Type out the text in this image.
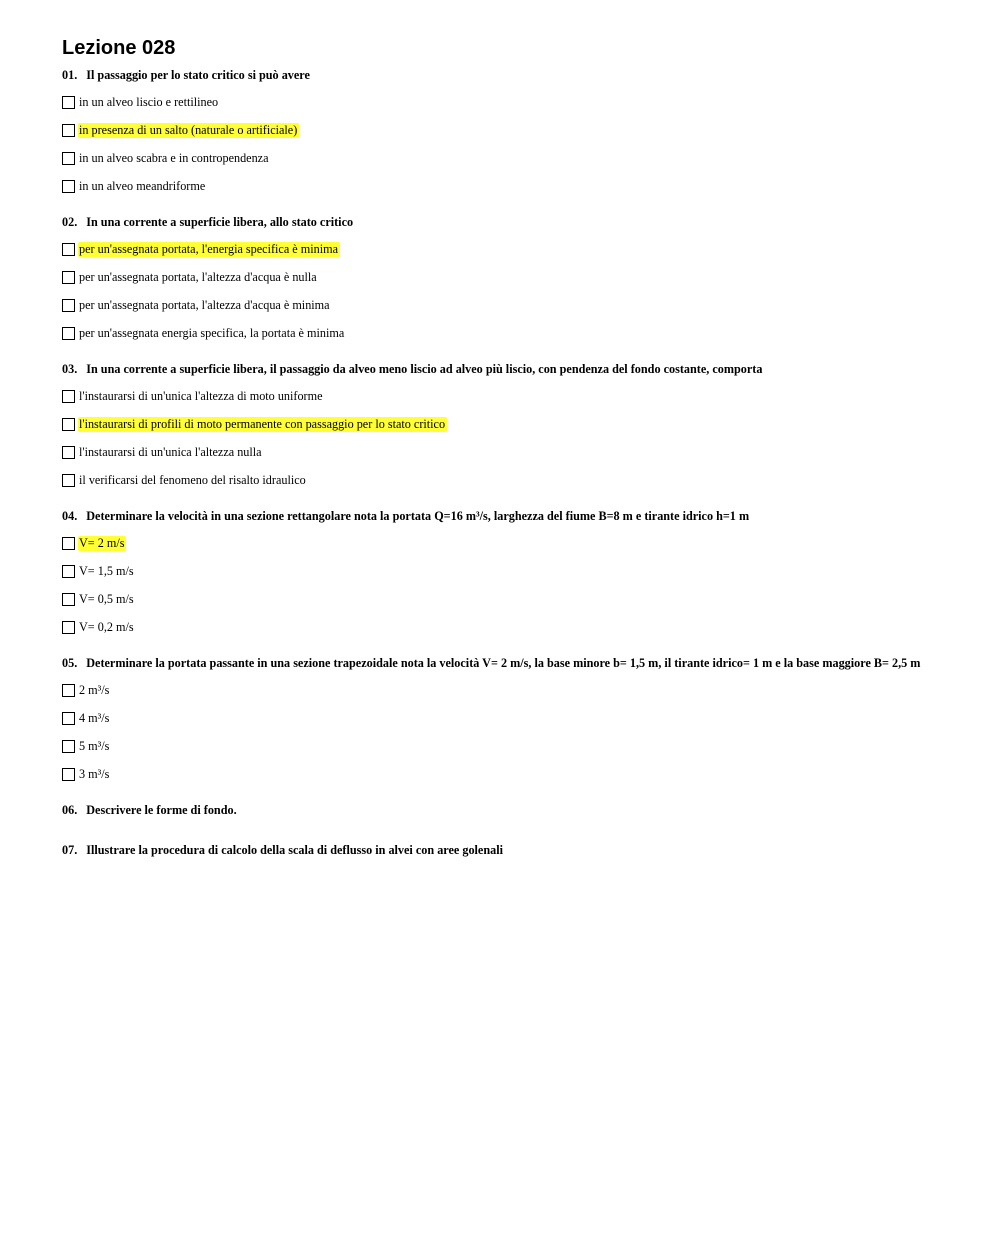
Lezione 028
01. Il passaggio per lo stato critico si può avere
in un alveo liscio e rettilineo
in presenza di un salto (naturale o artificiale)
in un alveo scabra e in contropendenza
in un alveo meandriforme
02. In una corrente a superficie libera, allo stato critico
per un'assegnata portata, l'energia specifica è minima
per un'assegnata portata, l'altezza d'acqua è nulla
per un'assegnata portata, l'altezza d'acqua è minima
per un'assegnata energia specifica, la portata è minima
03. In una corrente a superficie libera, il passaggio da alveo meno liscio ad alveo più liscio, con pendenza del fondo costante, comporta
l'instaurarsi di un'unica l'altezza di moto uniforme
l'instaurarsi di profili di moto permanente con passaggio per lo stato critico
l'instaurarsi di un'unica l'altezza nulla
il verificarsi del fenomeno del risalto idraulico
04. Determinare la velocità in una sezione rettangolare nota la portata Q=16 m³/s, larghezza del fiume B=8 m e tirante idrico h=1 m
V= 2 m/s
V= 1,5 m/s
V= 0,5 m/s
V= 0,2 m/s
05. Determinare la portata passante in una sezione trapezoidale nota la velocità V= 2 m/s, la base minore b= 1,5 m, il tirante idrico= 1 m e la base maggiore B= 2,5 m
2 m³/s
4 m³/s
5 m³/s
3 m³/s
06. Descrivere le forme di fondo.
07. Illustrare la procedura di calcolo della scala di deflusso in alvei con aree golenali
